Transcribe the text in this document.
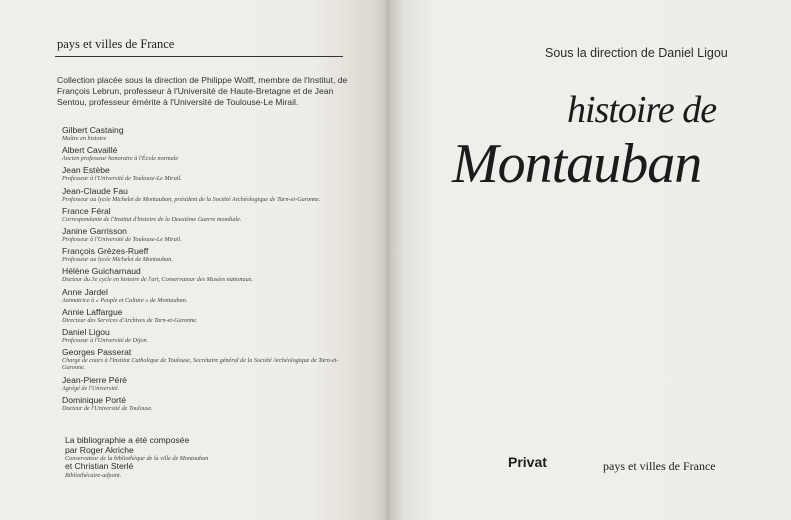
pays et villes de France
Collection placée sous la direction de Philippe Wolff, membre de l'Institut, de François Lebrun, professeur à l'Université de Haute-Bretagne et de Jean Sentou, professeur émérite à l'Université de Toulouse-Le Mirail.
Gilbert Castaing
Maître en histoire
Albert Cavaillé
Ancien professeur honoraire à l'École normale
Jean Estèbe
Professeur à l'Université de Toulouse-Le Mirail.
Jean-Claude Fau
Professeur au lycée Michelet de Montauban, président de la Société Archéologique de Tarn-et-Garonne.
France Féral
Correspondante de l'Institut d'histoire de la Deuxième Guerre mondiale.
Janine Garrisson
Professeur à l'Université de Toulouse-Le Mirail.
François Grèzes-Rueff
Professeur au lycée Michelet de Montauban.
Hélène Guicharnaud
Docteur du 3e cycle en histoire de l'art, Conservateur des Musées nationaux.
Anne Jardel
Animatrice à « Peuple et Culture » de Montauban.
Annie Laffargue
Directeur des Services d'Archives de Tarn-et-Garonne.
Daniel Ligou
Professeur à l'Université de Dijon.
Georges Passerat
Chargé de cours à l'Institut Catholique de Toulouse, Secrétaire général de la Société Archéologique de Tarn-et-Garonne.
Jean-Pierre Péré
Agrégé de l'Université.
Dominique Porté
Docteur de l'Université de Toulouse.
La bibliographie a été composée
par Roger Akriche
Conservateur de la bibliothèque de la ville de Montauban
et Christian Sterlé
Bibliothécaire-adjoint.
Sous la direction de Daniel Ligou
histoire de
Montauban
Privat	pays et villes de France
